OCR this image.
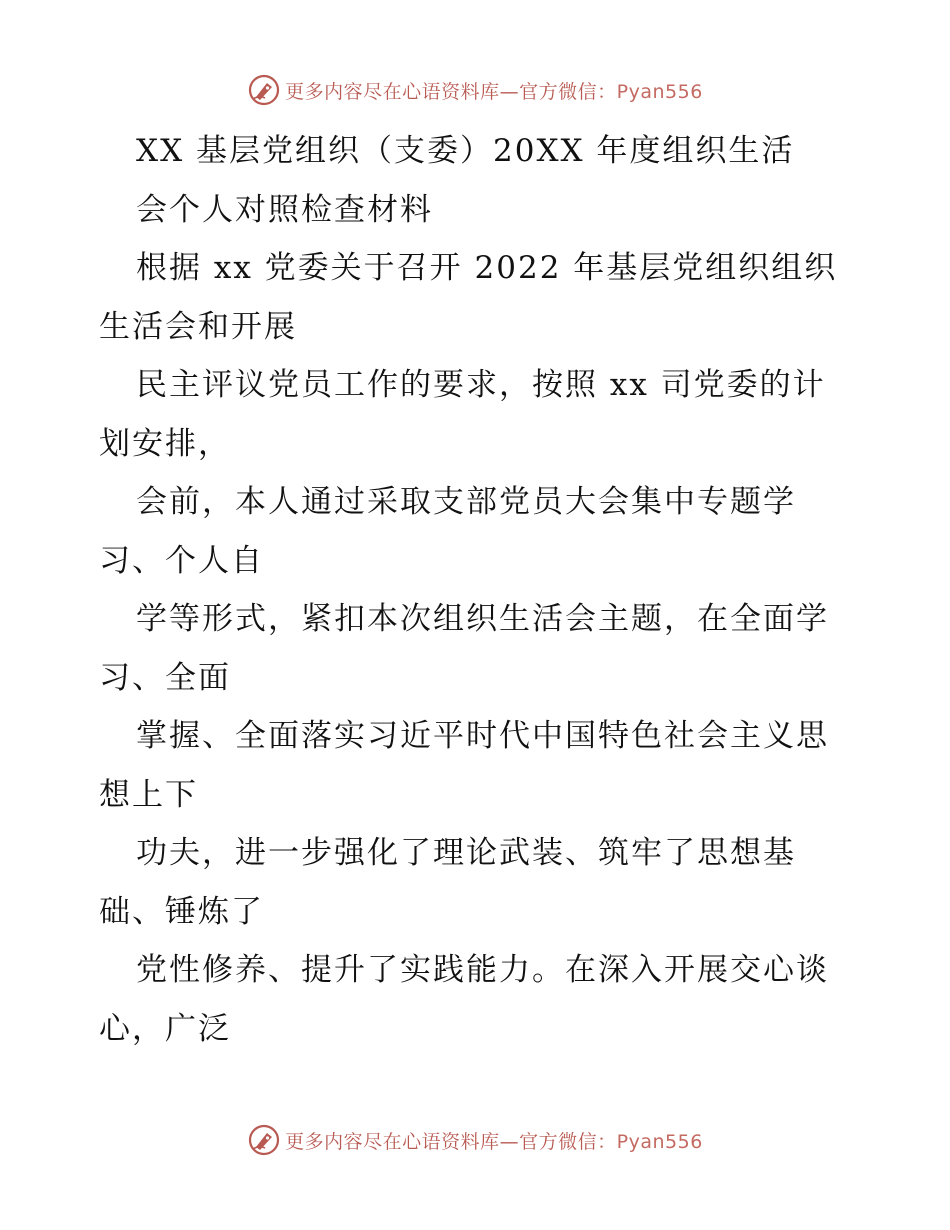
更多内容尽在心语资料库—官方微信：Pyan556
XX 基层党组织（支委）20XX 年度组织生活
会个人对照检查材料
根据 xx 党委关于召开 2022 年基层党组织组织
生活会和开展
民主评议党员工作的要求，按照 xx 司党委的计
划安排，
会前，本人通过采取支部党员大会集中专题学
习、个人自
学等形式，紧扣本次组织生活会主题，在全面学
习、全面
掌握、全面落实习近平时代中国特色社会主义思
想上下
功夫，进一步强化了理论武装、筑牢了思想基
础、锤炼了
党性修养、提升了实践能力。在深入开展交心谈
心，广泛
更多内容尽在心语资料库—官方微信：Pyan556
